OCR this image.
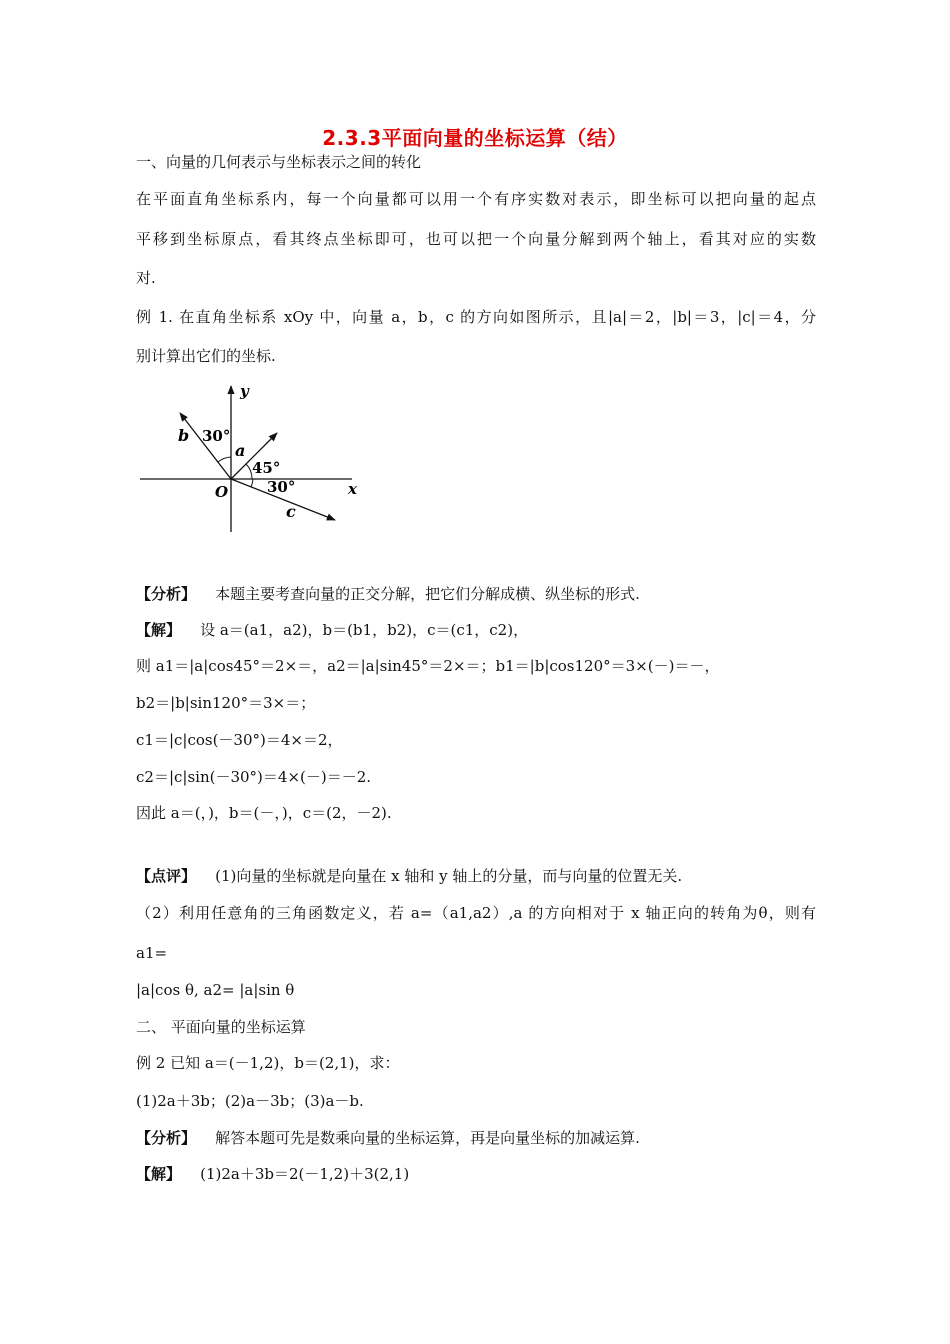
2.3.3平面向量的坐标运算（结）
一、向量的几何表示与坐标表示之间的转化
在平面直角坐标系内，每一个向量都可以用一个有序实数对表示，即坐标可以把向量的起点
平移到坐标原点，看其终点坐标即可，也可以把一个向量分解到两个轴上，看其对应的实数
对.
例 1. 在直角坐标系 xOy 中，向量 a，b，c 的方向如图所示，且|a|＝2，|b|＝3，|c|＝4，分
别计算出它们的坐标.
y
x
O
b
a
c
30°
45°
30°
【分析】 本题主要考查向量的正交分解，把它们分解成横、纵坐标的形式.
【解】 设 a＝(a1，a2)，b＝(b1，b2)，c＝(c1，c2)，
则 a1＝|a|cos45°＝2×＝，a2＝|a|sin45°＝2×＝；b1＝|b|cos120°＝3×(－)＝－，
b2＝|b|sin120°＝3×＝；
c1＝|c|cos(－30°)＝4×＝2，
c2＝|c|sin(－30°)＝4×(－)＝－2.
因此 a＝(，)，b＝(－，)，c＝(2，－2).
【点评】 (1)向量的坐标就是向量在 x 轴和 y 轴上的分量，而与向量的位置无关.
（2）利用任意角的三角函数定义，若 a=（a1,a2）,a 的方向相对于 x 轴正向的转角为θ，则有
a1=
|a|cos θ, a2= |a|sin θ
二、 平面向量的坐标运算
例 2 已知 a＝(－1,2)，b＝(2,1)，求：
(1)2a＋3b；(2)a－3b；(3)a－b.
【分析】 解答本题可先是数乘向量的坐标运算，再是向量坐标的加减运算.
【解】 (1)2a＋3b＝2(－1,2)＋3(2,1)
